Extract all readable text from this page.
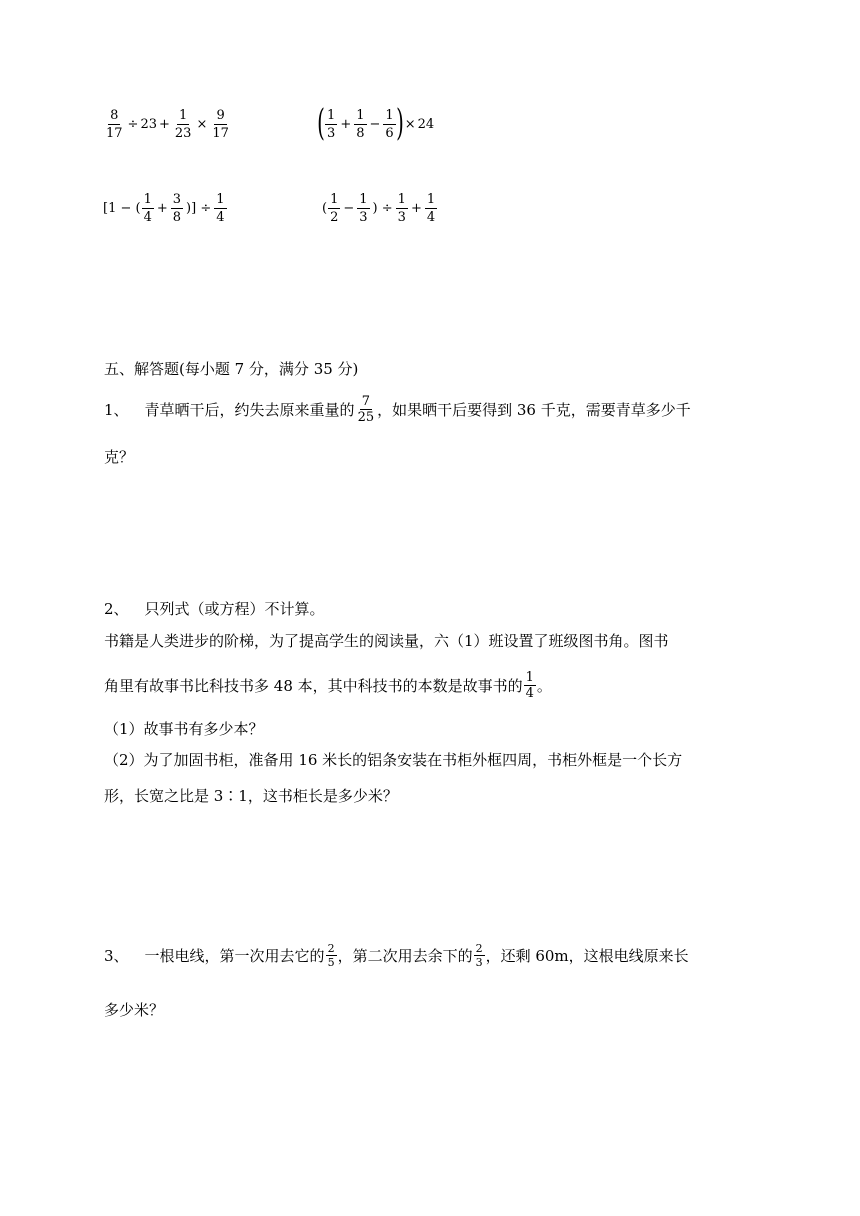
$\frac{8}{17} \div 23 + \frac{1}{23} \times \frac{9}{17}$ ( $\frac{1}{3} + \frac{1}{8} - \frac{1}{6}$ ) × 24
[1 − ( $\frac{1}{4} + \frac{3}{8}$ )] ÷ $\frac{1}{4}$	( $\frac{1}{2} - \frac{1}{3}$ ) ÷ $\frac{1}{3} + \frac{1}{4}$
五、解答题(每小题 7 分，满分 35 分)
1、 青草晒干后，约失去原来重量的 $\frac{7}{25}$ ，如果晒干后要得到 36 千克，需要青草多少千
克？
2、 只列式（或方程）不计算。
书籍是人类进步的阶梯，为了提高学生的阅读量，六（1）班设置了班级图书角。图书
角里有故事书比科技书多 48 本，其中科技书的本数是故事书的 $\frac{1}{4}$ 。
（1）故事书有多少本？
（2）为了加固书柜，准备用 16 米长的铝条安装在书柜外框四周，书柜外框是一个长方
形，长宽之比是 3∶1，这书柜长是多少米？
3、 一根电线，第一次用去它的 $\frac{2}{5}$ ，第二次用去余下的 $\frac{2}{3}$ ，还剩 60m，这根电线原来长
多少米？
